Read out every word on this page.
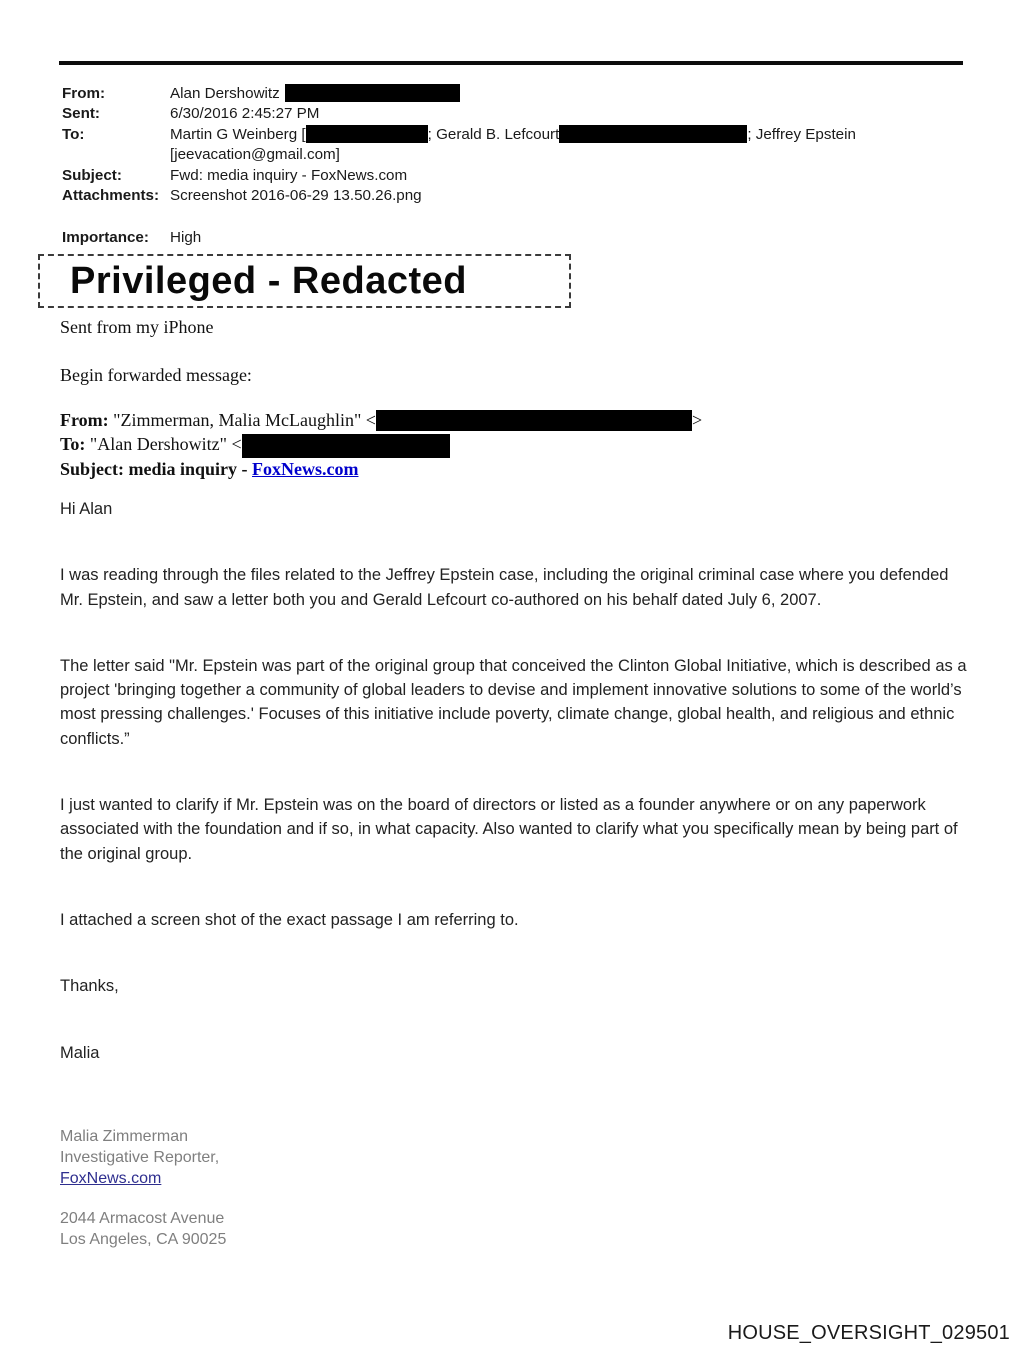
From:	Alan Dershowitz
Sent:	6/30/2016 2:45:27 PM
To:	Martin G Weinberg [	; Gerald B. Lefcourt	; Jeffrey Epstein
[jeevacation@gmail.com]
Subject:	Fwd: media inquiry - FoxNews.com
Attachments: Screenshot 2016-06-29 13.50.26.png
Importance:	High
Privileged - Redacted
Sent from my iPhone
Begin forwarded message:
From: "Zimmerman, Malia McLaughlin" <	>
To: "Alan Dershowitz" <
Subject: media inquiry - FoxNews.com

Hi Alan

I was reading through the files related to the Jeffrey Epstein case, including the original criminal case where you defended Mr. Epstein, and saw a letter both you and Gerald Lefcourt co-authored on his behalf dated July 6, 2007.

The letter said "Mr. Epstein was part of the original group that conceived the Clinton Global Initiative, which is described as a project 'bringing together a community of global leaders to devise and implement innovative solutions to some of the world’s most pressing challenges.' Focuses of this initiative include poverty, climate change, global health, and religious and ethnic conflicts.”

I just wanted to clarify if Mr. Epstein was on the board of directors or listed as a founder anywhere or on any paperwork associated with the foundation and if so, in what capacity. Also wanted to clarify what you specifically mean by being part of the original group.

I attached a screen shot of the exact passage I am referring to.

Thanks,

Malia

Malia Zimmerman
Investigative Reporter,
FoxNews.com
2044 Armacost Avenue
Los Angeles, CA 90025
HOUSE_OVERSIGHT_029501
